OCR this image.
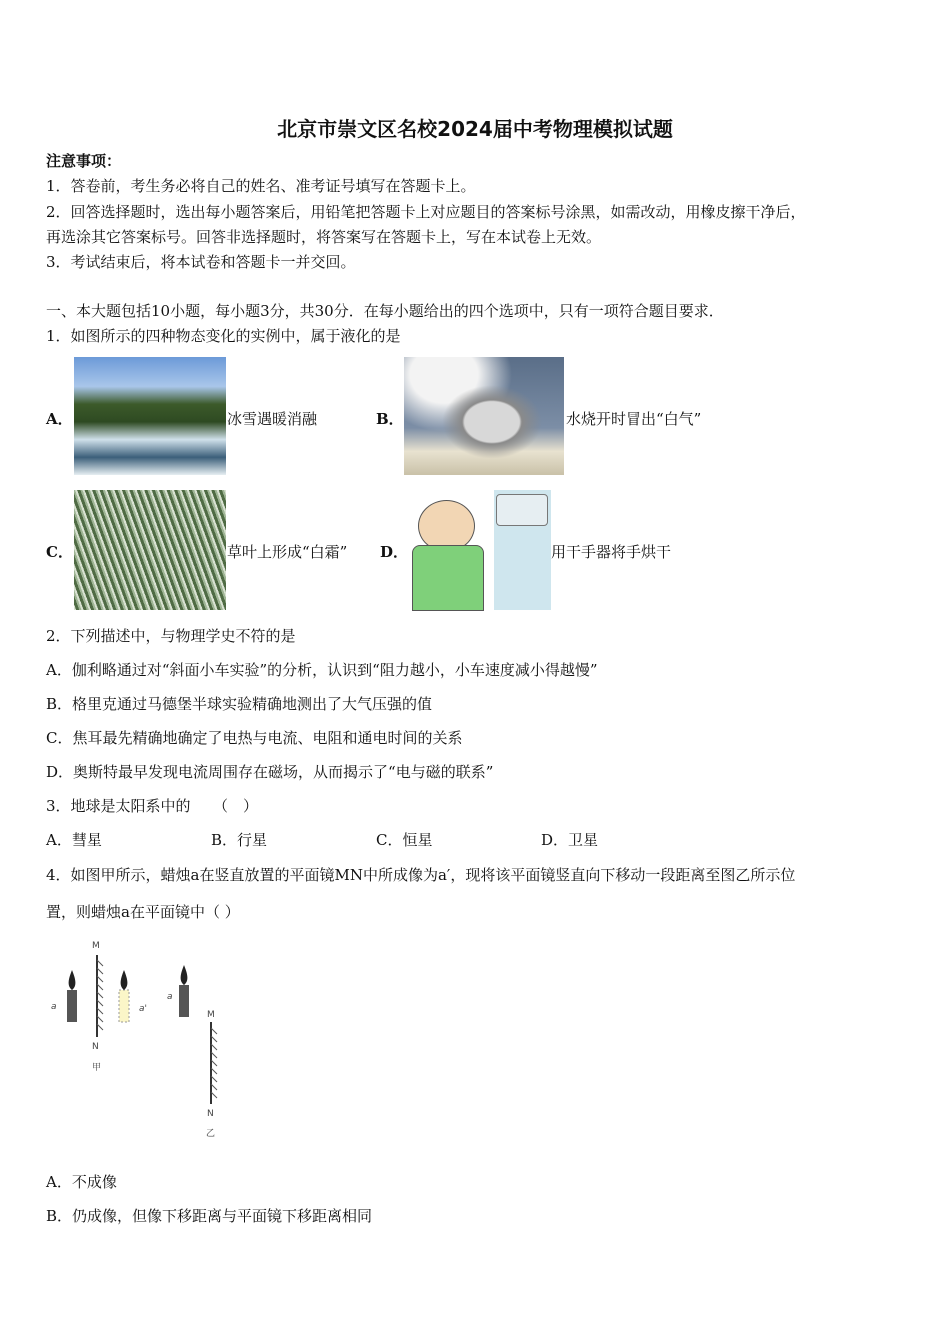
北京市崇文区名校2024届中考物理模拟试题
注意事项：
1．答卷前，考生务必将自己的姓名、准考证号填写在答题卡上。
2．回答选择题时，选出每小题答案后，用铅笔把答题卡上对应题目的答案标号涂黑，如需改动，用橡皮擦干净后，
再选涂其它答案标号。回答非选择题时，将答案写在答题卡上，写在本试卷上无效。
3．考试结束后，将本试卷和答题卡一并交回。
一、本大题包括10小题，每小题3分，共30分．在每小题给出的四个选项中，只有一项符合题目要求．
1．如图所示的四种物态变化的实例中，属于液化的是
A．	冰雪遇暖消融	B．	水烧开时冒出“白气”
C．	草叶上形成“白霜” D．	用干手器将手烘干
2．下列描述中，与物理学史不符的是
A．伽利略通过对“斜面小车实验”的分析，认识到“阻力越小，小车速度减小得越慢”
B．格里克通过马德堡半球实验精确地测出了大气压强的值
C．焦耳最先精确地确定了电热与电流、电阻和通电时间的关系
D．奥斯特最早发现电流周围存在磁场，从而揭示了“电与磁的联系”
3．地球是太阳系中的　　（　）
A．彗星	B．行星	C．恒星	D．卫星
4．如图甲所示，蜡烛a在竖直放置的平面镜MN中所成像为a′，现将该平面镜竖直向下移动一段距离至图乙所示位
置，则蜡烛a在平面镜中（ ）
M
N
a	a'
甲
M
a
N
乙
A．不成像
B．仍成像，但像下移距离与平面镜下移距离相同
